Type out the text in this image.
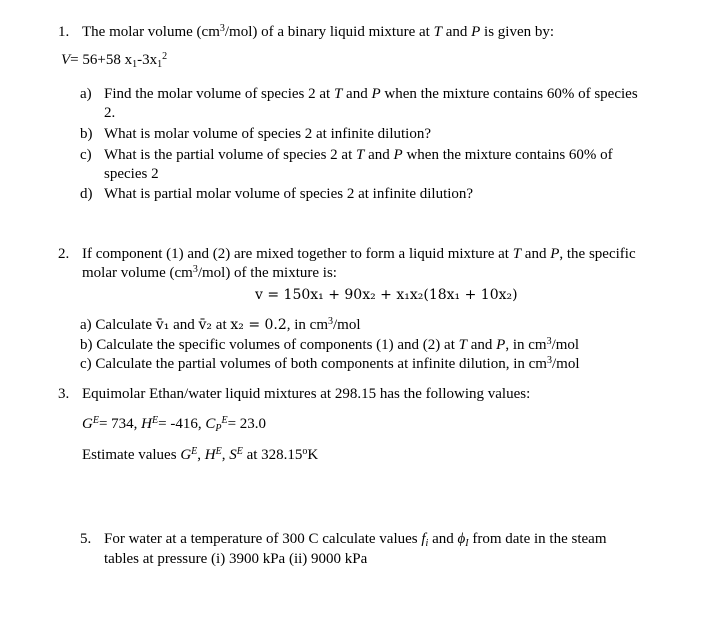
1. The molar volume $(cm^3/mol)$ of a binary liquid mixture at T and P is given by:
V= 56+58 $x_1-3x_1^2$
a) Find the molar volume of species 2 at T and P when the mixture contains 60% of species
2.
b) What is molar volume of species 2 at infinite dilution?
c) What is the partial volume of species 2 at T and P when the mixture contains 60% of
species 2
d) What is partial molar volume of species 2 at infinite dilution?
2. If component (1) and (2) are mixed together to form a liquid mixture at T and P, the specific
molar volume $(cm^3/mol)$ of the mixture is:
v = 150x₁ + 90x₂ + x₁x₂(18x₁ + 10x₂)
a) Calculate v̄₁ and v̄₂ at x₂ = 0.2, in $cm^3$/mol
b) Calculate the specific volumes of components (1) and (2) at T and P, in $cm^3$/mol
c) Calculate the partial volumes of both components at infinite dilution, in $cm^3$/mol
3. Equimolar Ethan/water liquid mixtures at 298.15 has the following values:
$G^E= 734$, $H^E= -416$, $C_P^E= 23.0$
Estimate values $G^E$, $H^E$, $S^E$ at 328.15$^o$K
5. For water at a temperature of 300 C calculate values $f_i$ and $\phi_I$ from date in the steam
tables at pressure (i) 3900 kPa (ii) 9000 kPa
